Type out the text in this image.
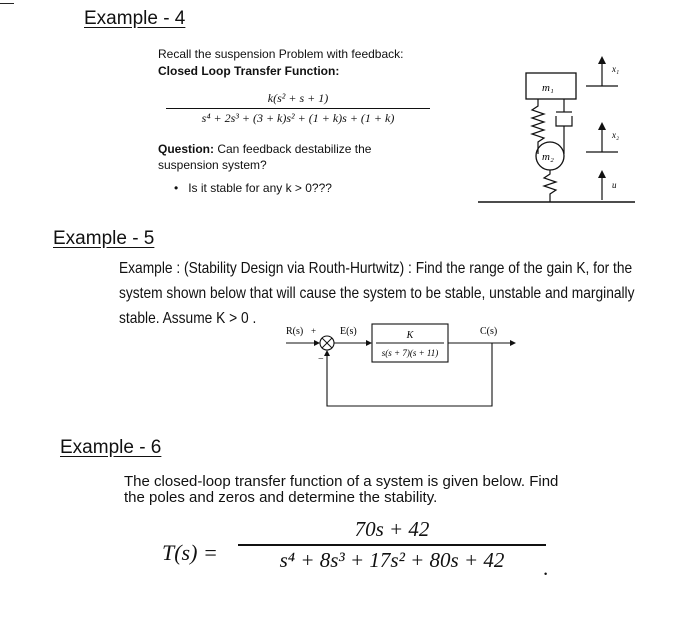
—
Example - 4
Recall the suspension Problem with feedback:
Closed Loop Transfer Function:
k(s² + s + 1)
s⁴ + 2s³ + (3 + k)s² + (1 + k)s + (1 + k)
Question: Can feedback destabilize the
suspension system?
• Is it stable for any k > 0???
m₁
m₂
x₁
x₂
u
Example - 5
Example : (Stability Design via Routh-Hurtwitz) : Find the range of the gain K, for the
system shown below that will cause the system to be stable, unstable and marginally
stable. Assume K > 0 .
R(s) +
−
E(s)	K
s(s + 7)(s + 11)
C(s)
Example - 6
The closed-loop transfer function of a system is given below. Find
the poles and zeros and determine the stability.
T(s) =
70s + 42
s⁴ + 8s³ + 17s² + 80s + 42 .
